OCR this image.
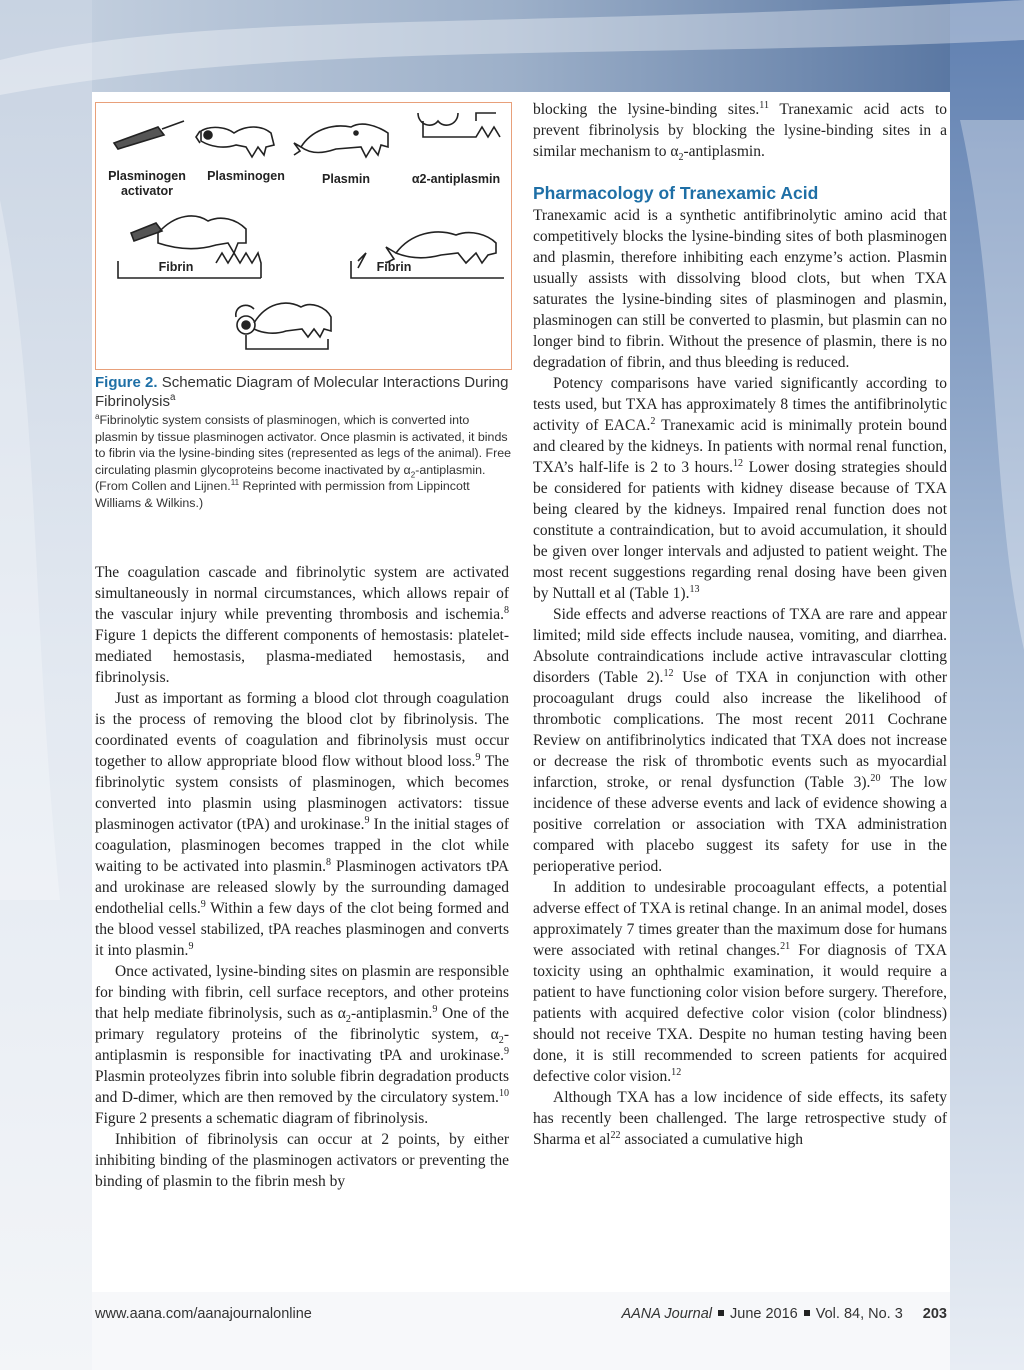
Plasminogen activator
Plasminogen	Plasmin	α2-antiplasmin
Fibrin	Fibrin
Figure 2. Schematic Diagram of Molecular Interactions During Fibrinolysis$^a$

$^a$Fibrinolytic system consists of plasminogen, which is converted into plasmin by tissue plasminogen activator. Once plasmin is activated, it binds to fibrin via the lysine-binding sites (represented as legs of the animal). Free circulating plasmin glycoproteins become inactivated by $\alpha_2$-antiplasmin.

(From Collen and Lijnen.$^{11}$ Reprinted with permission from Lippincott Williams & Wilkins.)

The coagulation cascade and fibrinolytic system are activated simultaneously in normal circumstances, which allows repair of the vascular injury while preventing thrombosis and ischemia.$^8$ Figure 1 depicts the different components of hemostasis: platelet-mediated hemostasis, plasma-mediated hemostasis, and fibrinolysis.

Just as important as forming a blood clot through coagulation is the process of removing the blood clot by fibrinolysis. The coordinated events of coagulation and fibrinolysis must occur together to allow appropriate blood flow without blood loss.$^9$ The fibrinolytic system consists of plasminogen, which becomes converted into plasmin using plasminogen activators: tissue plasminogen activator (tPA) and urokinase.$^9$ In the initial stages of coagulation, plasminogen becomes trapped in the clot while waiting to be activated into plasmin.$^8$ Plasminogen activators tPA and urokinase are released slowly by the surrounding damaged endothelial cells.$^9$ Within a few days of the clot being formed and the blood vessel stabilized, tPA reaches plasminogen and converts it into plasmin.$^9$

Once activated, lysine-binding sites on plasmin are responsible for binding with fibrin, cell surface receptors, and other proteins that help mediate fibrinolysis, such as $\alpha_2-antiplasmin.^9$ One of the primary regulatory proteins of the fibrinolytic system, $\alpha_2$-antiplasmin is responsible for inactivating tPA and urokinase.$^9$ Plasmin proteolyzes fibrin into soluble fibrin degradation products and D-dimer, which are then removed by the circulatory system.$^{10}$ Figure 2 presents a schematic diagram of fibrinolysis.

Inhibition of fibrinolysis can occur at 2 points, by either inhibiting binding of the plasminogen activators or preventing the binding of plasmin to the fibrin mesh by

blocking the lysine-binding sites.$^{11}$ Tranexamic acid acts to prevent fibrinolysis by blocking the lysine-binding sites in a similar mechanism to $\alpha_2$-antiplasmin.

Pharmacology of Tranexamic Acid

Tranexamic acid is a synthetic antifibrinolytic amino acid that competitively blocks the lysine-binding sites of both plasminogen and plasmin, therefore inhibiting each enzyme’s action. Plasmin usually assists with dissolving blood clots, but when TXA saturates the lysine-binding sites of plasminogen and plasmin, plasminogen can still be converted to plasmin, but plasmin can no longer bind to fibrin. Without the presence of plasmin, there is no degradation of fibrin, and thus bleeding is reduced.

Potency comparisons have varied significantly according to tests used, but TXA has approximately 8 times the antifibrinolytic activity of EACA.$^2$ Tranexamic acid is minimally protein bound and cleared by the kidneys. In patients with normal renal function, TXA’s half-life is 2 to 3 hours.$^{12}$ Lower dosing strategies should be considered for patients with kidney disease because of TXA being cleared by the kidneys. Impaired renal function does not constitute a contraindication, but to avoid accumulation, it should be given over longer intervals and adjusted to patient weight. The most recent suggestions regarding renal dosing have been given by Nuttall et al (Table 1).$^{13}$

Side effects and adverse reactions of TXA are rare and appear limited; mild side effects include nausea, vomiting, and diarrhea. Absolute contraindications include active intravascular clotting disorders (Table 2).$^{12}$ Use of TXA in conjunction with other procoagulant drugs could also increase the likelihood of thrombotic complications. The most recent 2011 Cochrane Review on antifibrinolytics indicated that TXA does not increase or decrease the risk of thrombotic events such as myocardial infarction, stroke, or renal dysfunction (Table 3).$^{20}$ The low incidence of these adverse events and lack of evidence showing a positive correlation or association with TXA administration compared with placebo suggest its safety for use in the perioperative period.

In addition to undesirable procoagulant effects, a potential adverse effect of TXA is retinal change. In an animal model, doses approximately 7 times greater than the maximum dose for humans were associated with retinal changes.$^{21}$ For diagnosis of TXA toxicity using an ophthalmic examination, it would require a patient to have functioning color vision before surgery. Therefore, patients with acquired defective color vision (color blindness) should not receive TXA. Despite no human testing having been done, it is still recommended to screen patients for acquired defective color vision.$^{12}$

Although TXA has a low incidence of side effects, its safety has recently been challenged. The large retrospective study of Sharma et $al^{22}$ associated a cumulative high

www.aana.com/aanajournalonline	AANA Journal June 2016 Vol. 84, No. 3 203
